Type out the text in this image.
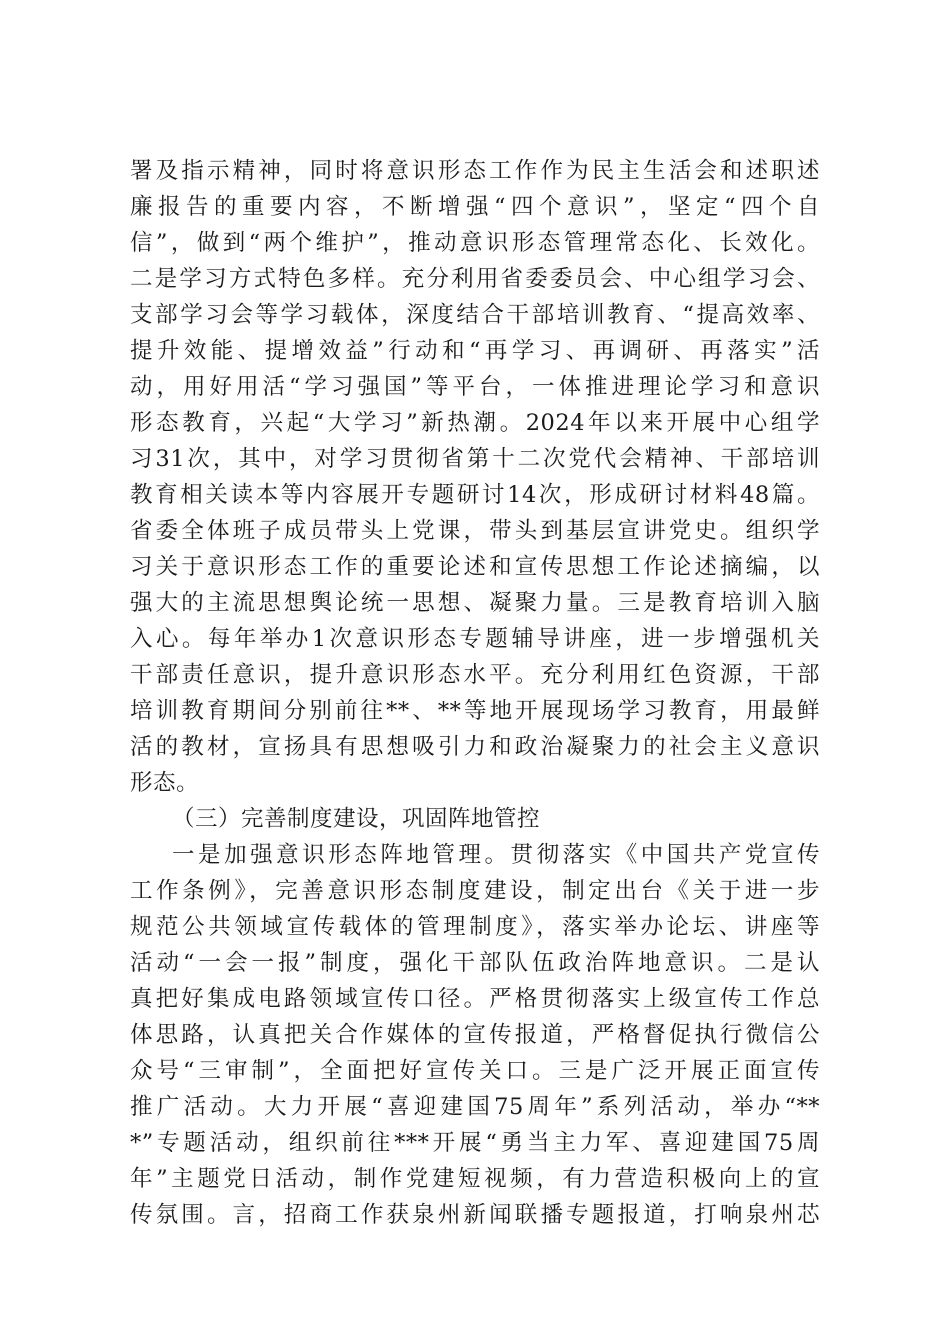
署及指示精神，同时将意识形态工作作为民主生活会和述职述
廉报告的重要内容，不断增强“四个意识”，坚定“四个自
信”，做到“两个维护”，推动意识形态管理常态化、长效化。
二是学习方式特色多样。充分利用省委委员会、中心组学习会、
支部学习会等学习载体，深度结合干部培训教育、“提高效率、
提升效能、提增效益”行动和“再学习、再调研、再落实”活
动，用好用活“学习强国”等平台，一体推进理论学习和意识
形态教育，兴起“大学习”新热潮。2024年以来开展中心组学
习31次，其中，对学习贯彻省第十二次党代会精神、干部培训
教育相关读本等内容展开专题研讨14次，形成研讨材料48篇。
省委全体班子成员带头上党课，带头到基层宣讲党史。组织学
习关于意识形态工作的重要论述和宣传思想工作论述摘编，以
强大的主流思想舆论统一思想、凝聚力量。三是教育培训入脑
入心。每年举办1次意识形态专题辅导讲座，进一步增强机关
干部责任意识，提升意识形态水平。充分利用红色资源，干部
培训教育期间分别前往**、**等地开展现场学习教育，用最鲜
活的教材，宣扬具有思想吸引力和政治凝聚力的社会主义意识
形态。
（三）完善制度建设，巩固阵地管控
一是加强意识形态阵地管理。贯彻落实《中国共产党宣传
工作条例》，完善意识形态制度建设，制定出台《关于进一步
规范公共领域宣传载体的管理制度》，落实举办论坛、讲座等
活动“一会一报”制度，强化干部队伍政治阵地意识。二是认
真把好集成电路领域宣传口径。严格贯彻落实上级宣传工作总
体思路，认真把关合作媒体的宣传报道，严格督促执行微信公
众号“三审制”，全面把好宣传关口。三是广泛开展正面宣传
推广活动。大力开展“喜迎建国75周年”系列活动，举办“**
*”专题活动，组织前往***开展“勇当主力军、喜迎建国75周
年”主题党日活动，制作党建短视频，有力营造积极向上的宣
传氛围。言，招商工作获泉州新闻联播专题报道，打响泉州芯
